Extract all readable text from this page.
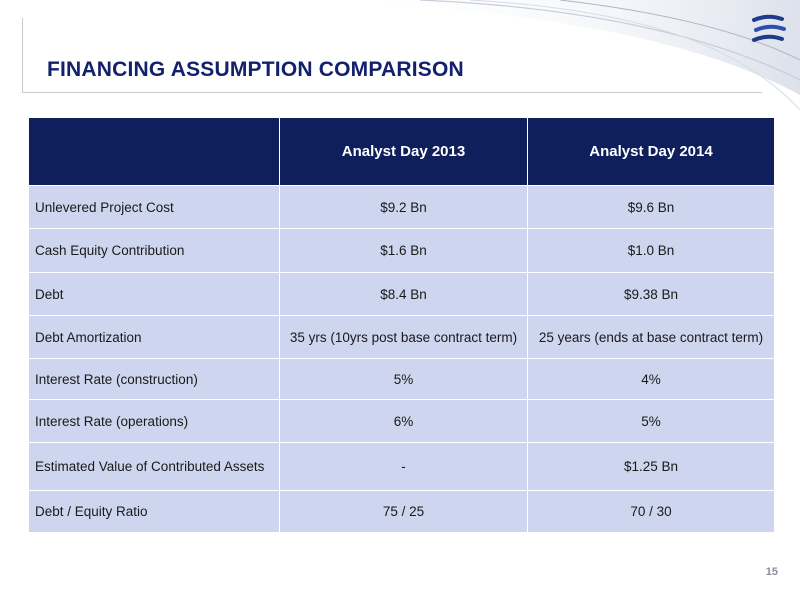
FINANCING ASSUMPTION COMPARISON
	Analyst Day 2013	Analyst Day 2014
Unlevered Project Cost	$9.2 Bn	$9.6 Bn
Cash Equity Contribution	$1.6 Bn	$1.0 Bn
Debt	$8.4 Bn	$9.38 Bn
Debt Amortization	35 yrs (10yrs post base contract term)	25 years (ends at base contract term)
Interest Rate (construction)	5%	4%
Interest Rate (operations)	6%	5%
Estimated Value of Contributed Assets	-	$1.25 Bn
Debt / Equity Ratio	75 / 25	70 / 30
15
